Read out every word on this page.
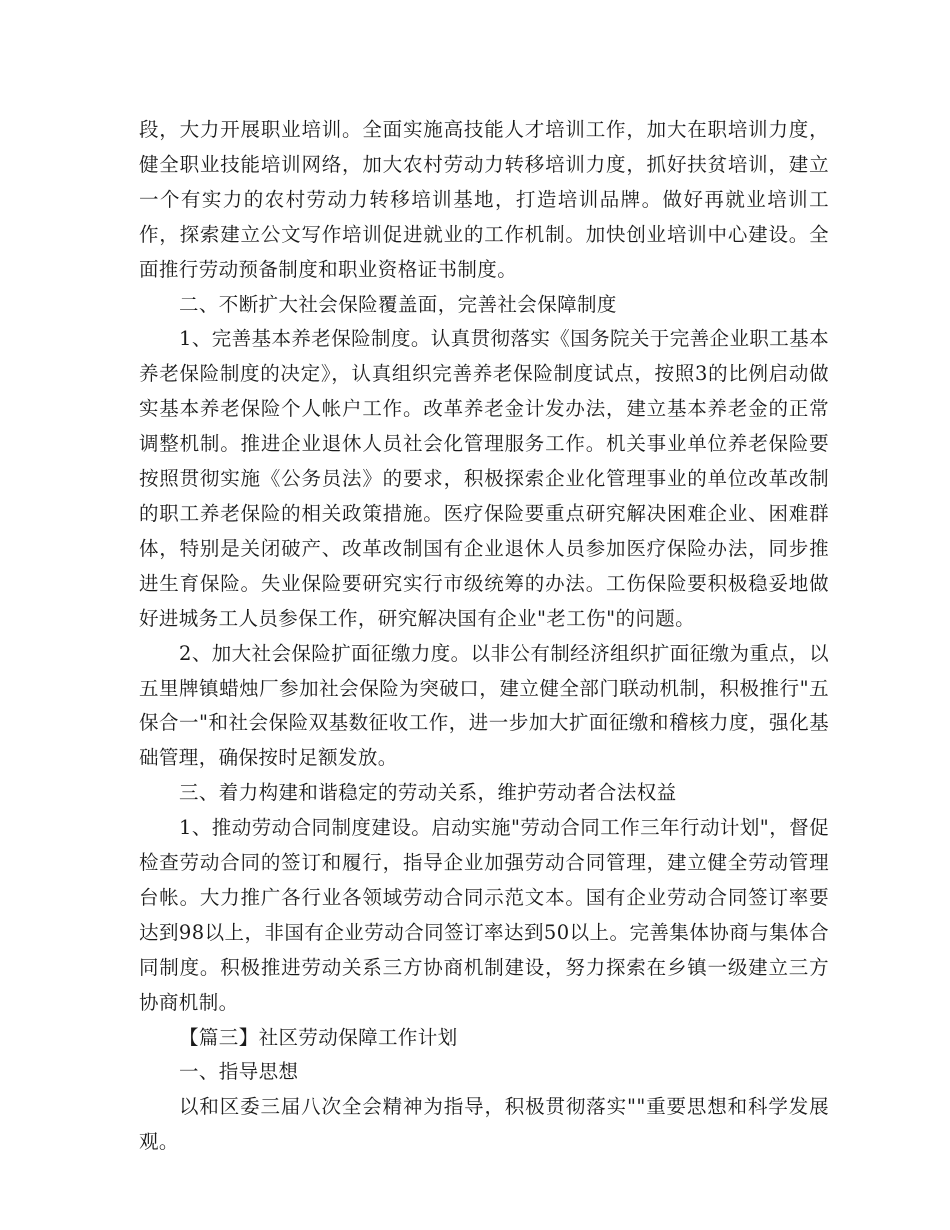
段，大力开展职业培训。全面实施高技能人才培训工作，加大在职培训力度，健全职业技能培训网络，加大农村劳动力转移培训力度，抓好扶贫培训，建立一个有实力的农村劳动力转移培训基地，打造培训品牌。做好再就业培训工作，探索建立公文写作培训促进就业的工作机制。加快创业培训中心建设。全面推行劳动预备制度和职业资格证书制度。

二、不断扩大社会保险覆盖面，完善社会保障制度

1、完善基本养老保险制度。认真贯彻落实《国务院关于完善企业职工基本养老保险制度的决定》，认真组织完善养老保险制度试点，按照3的比例启动做实基本养老保险个人帐户工作。改革养老金计发办法，建立基本养老金的正常调整机制。推进企业退休人员社会化管理服务工作。机关事业单位养老保险要按照贯彻实施《公务员法》的要求，积极探索企业化管理事业的单位改革改制的职工养老保险的相关政策措施。医疗保险要重点研究解决困难企业、困难群体，特别是关闭破产、改革改制国有企业退休人员参加医疗保险办法，同步推进生育保险。失业保险要研究实行市级统筹的办法。工伤保险要积极稳妥地做好进城务工人员参保工作，研究解决国有企业"老工伤"的问题。

2、加大社会保险扩面征缴力度。以非公有制经济组织扩面征缴为重点，以五里牌镇蜡烛厂参加社会保险为突破口，建立健全部门联动机制，积极推行"五保合一"和社会保险双基数征收工作，进一步加大扩面征缴和稽核力度，强化基础管理，确保按时足额发放。

三、着力构建和谐稳定的劳动关系，维护劳动者合法权益

1、推动劳动合同制度建设。启动实施"劳动合同工作三年行动计划"，督促检查劳动合同的签订和履行，指导企业加强劳动合同管理，建立健全劳动管理台帐。大力推广各行业各领域劳动合同示范文本。国有企业劳动合同签订率要达到98以上，非国有企业劳动合同签订率达到50以上。完善集体协商与集体合同制度。积极推进劳动关系三方协商机制建设，努力探索在乡镇一级建立三方协商机制。

【篇三】社区劳动保障工作计划

一、指导思想

以和区委三届八次全会精神为指导，积极贯彻落实""重要思想和科学发展观。
